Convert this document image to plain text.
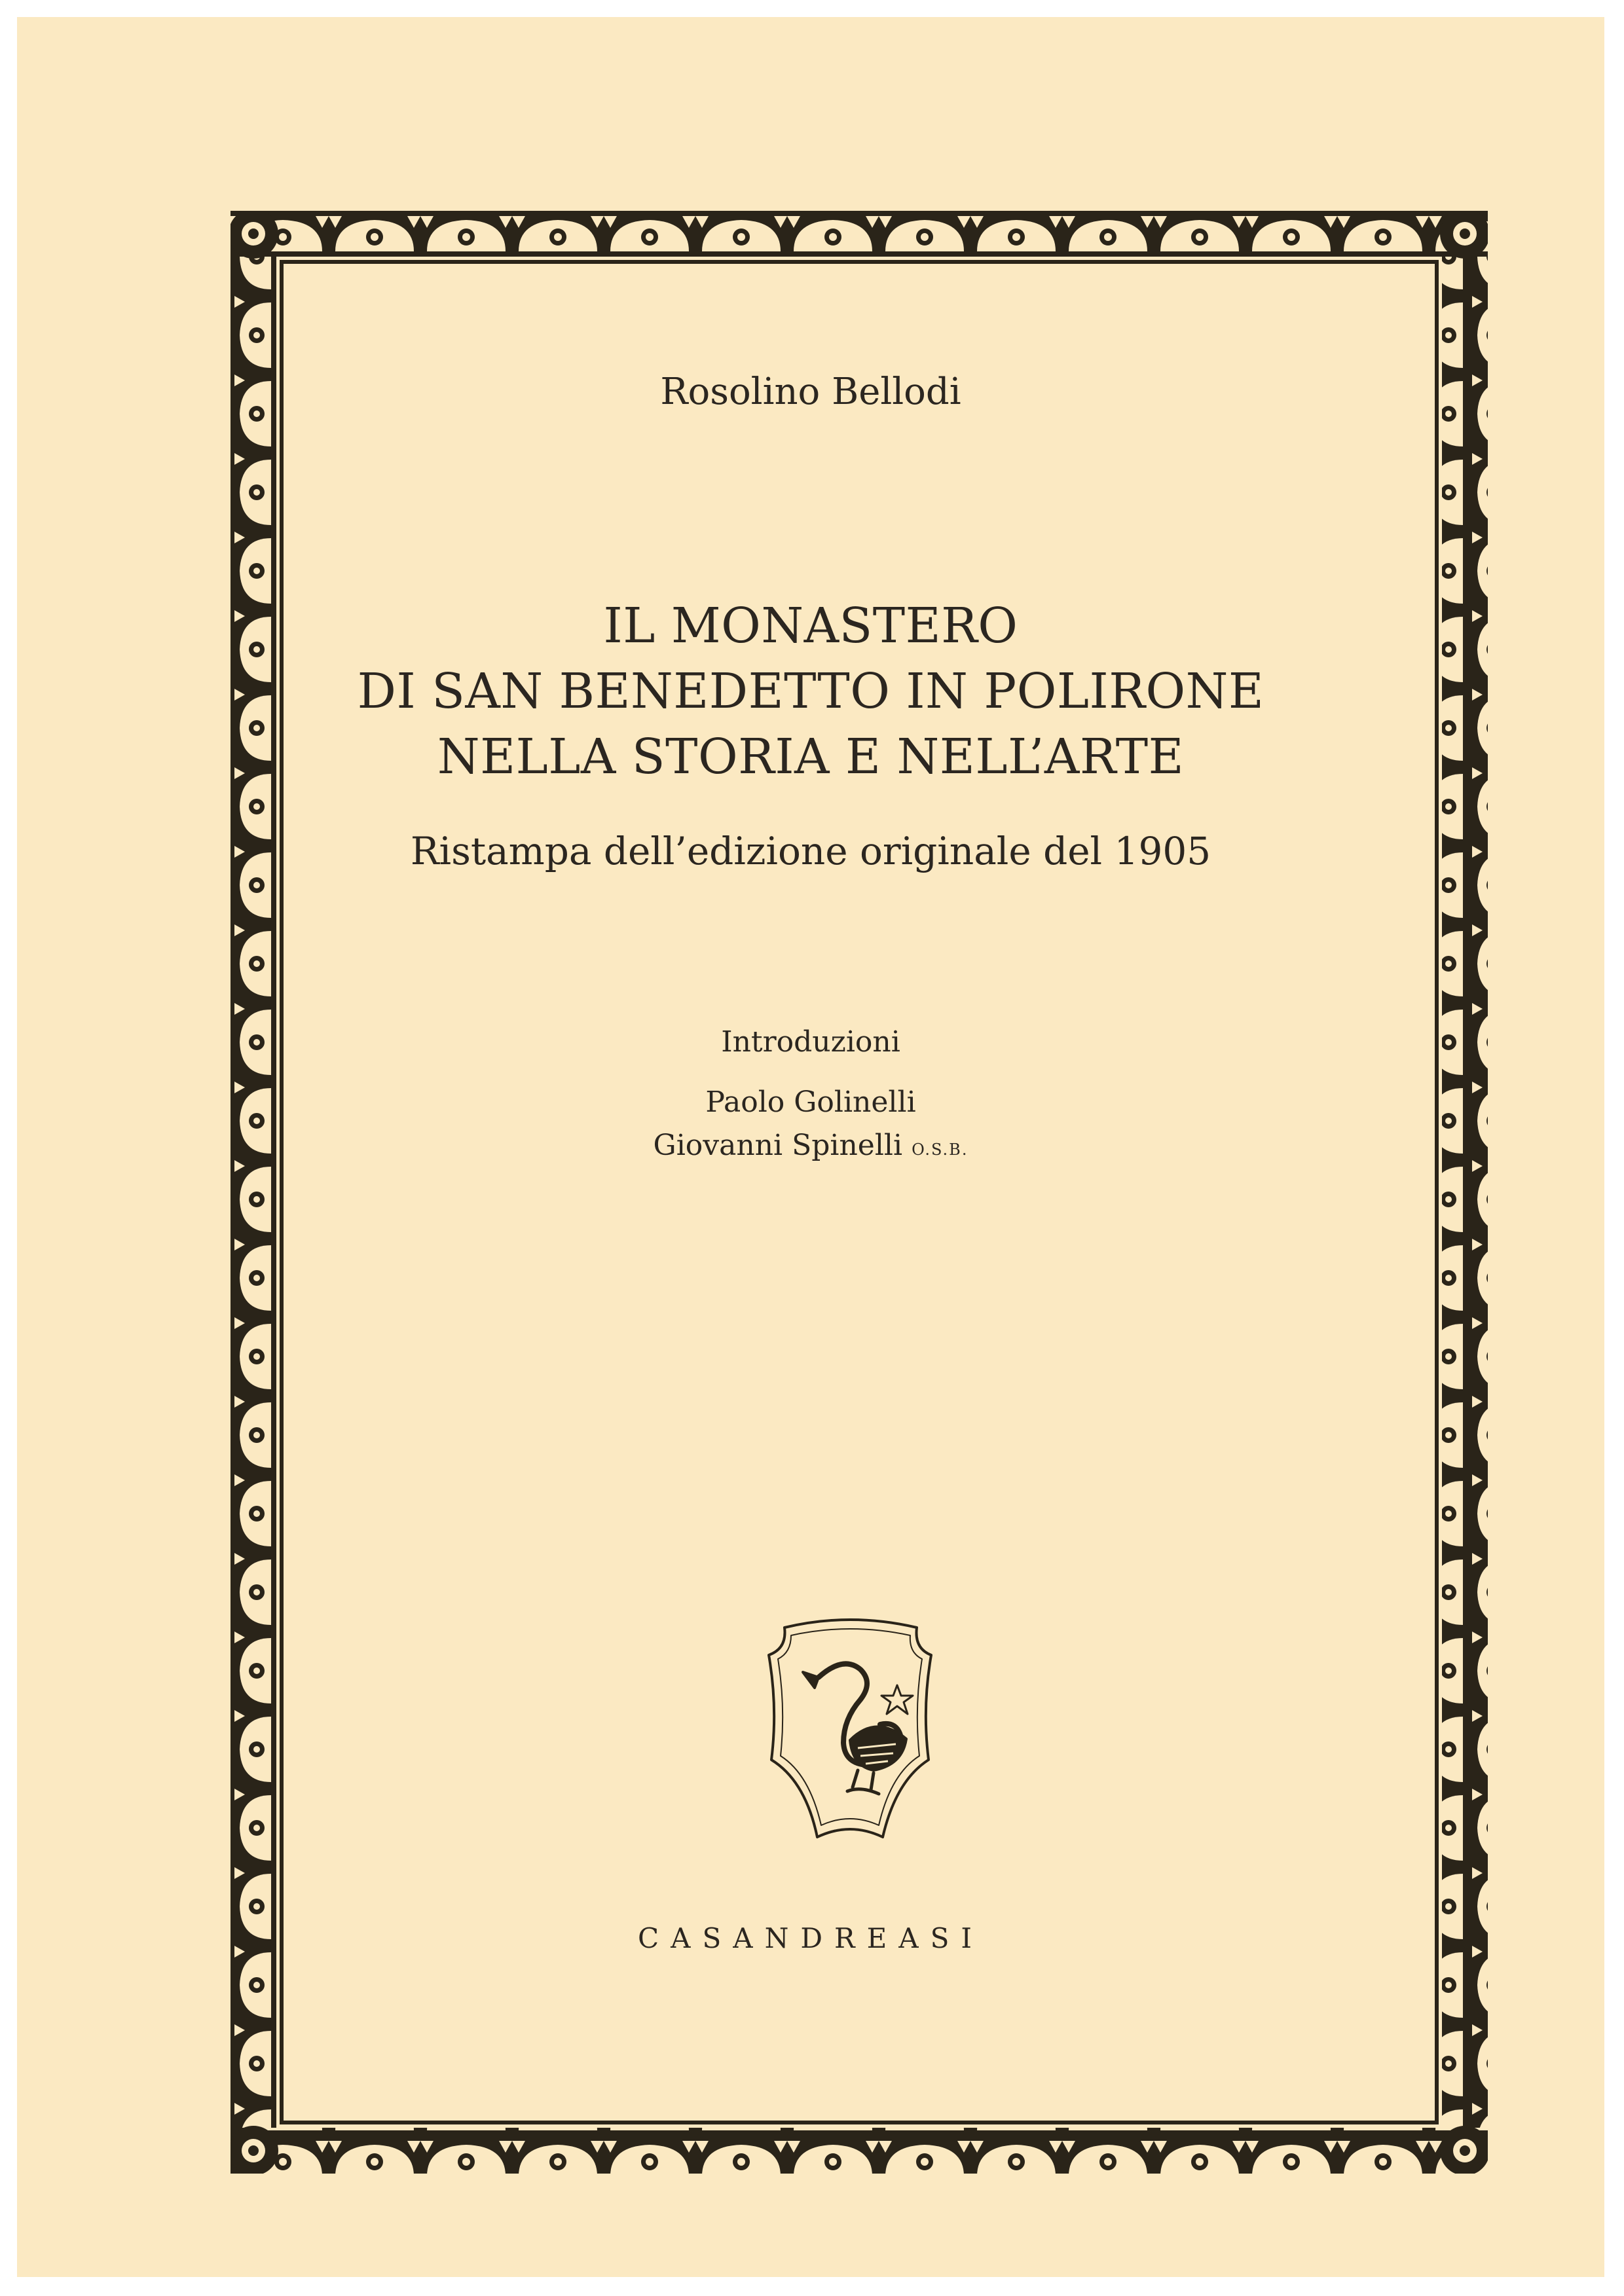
Rosolino Bellodi
IL MONASTERO
DI SAN BENEDETTO IN POLIRONE
NELLA STORIA E NELL’ARTE
Ristampa dell’edizione originale del 1905
Introduzioni
Paolo Golinelli
Giovanni Spinelli O.S.B.
CASANDREASI
